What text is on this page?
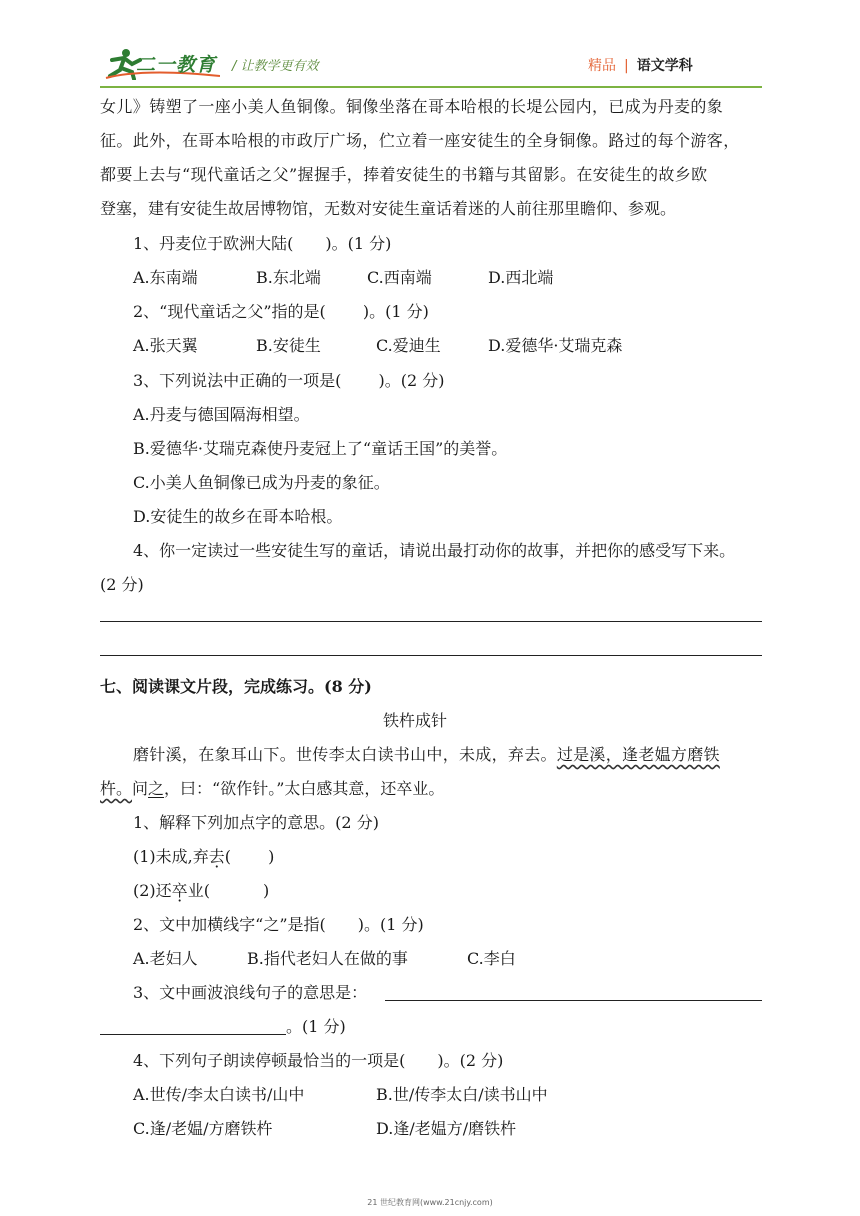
二一教育 / 让教学更有效	精品 | 语文学科
女儿》铸塑了一座小美人鱼铜像。铜像坐落在哥本哈根的长堤公园内，已成为丹麦的象
征。此外，在哥本哈根的市政厅广场，伫立着一座安徒生的全身铜像。路过的每个游客，
都要上去与“现代童话之父”握握手，捧着安徒生的书籍与其留影。在安徒生的故乡欧
登塞，建有安徒生故居博物馆，无数对安徒生童话着迷的人前往那里瞻仰、参观。
1、丹麦位于欧洲大陆(　　)。(1 分)
A.东南端	B.东北端	C.西南端	D.西北端
2、“现代童话之父”指的是(　　 )。(1 分)
A.张天翼	B.安徒生	C.爱迪生	D.爱德华·艾瑞克森
3、下列说法中正确的一项是(　　 )。(2 分)
A.丹麦与德国隔海相望。
B.爱德华·艾瑞克森使丹麦冠上了“童话王国”的美誉。
C.小美人鱼铜像已成为丹麦的象征。
D.安徒生的故乡在哥本哈根。
4、你一定读过一些安徒生写的童话，请说出最打动你的故事，并把你的感受写下来。
(2 分)
七、阅读课文片段，完成练习。(8 分)
铁杵成针
磨针溪，在象耳山下。世传李太白读书山中，未成，弃去。过是溪，逢老媪方磨铁
杵。问之，曰：“欲作针。”太白感其意，还卒业。
1、解释下列加点字的意思。(2 分)
(1)未成,弃去(　　 )
(2)还卒业(　　　 )
2、文中加横线字“之”是指(　　)。(1 分)
A.老妇人	B.指代老妇人在做的事	C.李白
3、文中画波浪线句子的意思是：
。(1 分)
4、下列句子朗读停顿最恰当的一项是(　　)。(2 分)
A.世传/李太白读书/山中	B.世/传李太白/读书山中
C.逢/老媪/方磨铁杵	D.逢/老媪方/磨铁杵
21 世纪教育网(www.21cnjy.com)
